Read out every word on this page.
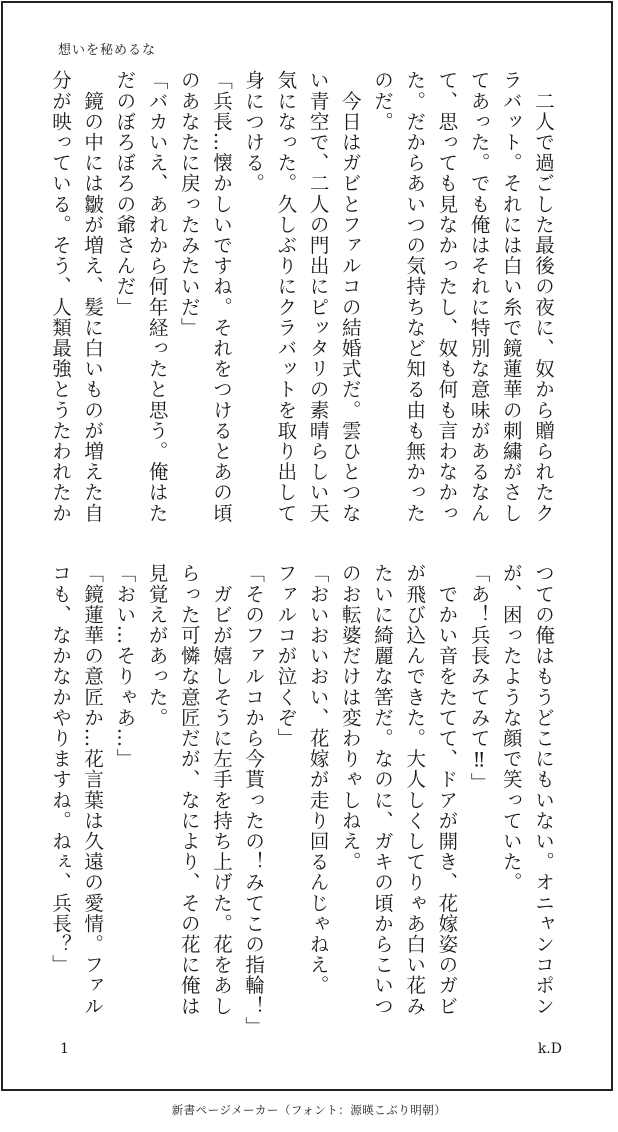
想いを秘めるな
　二人で過ごした最後の夜に、奴から贈られたク
ラバット。それには白い糸で鏡蓮華の刺繍がさし
てあった。でも俺はそれに特別な意味があるなん
て、思っても見なかったし、奴も何も言わなかっ
た。だからあいつの気持ちなど知る由も無かった
のだ。
　今日はガビとファルコの結婚式だ。雲ひとつな
い青空で、二人の門出にピッタリの素晴らしい天
気になった。久しぶりにクラバットを取り出して
身につける。
「兵長…懐かしいですね。それをつけるとあの頃
のあなたに戻ったみたいだ」
「バカいえ、あれから何年経ったと思う。俺はた
だのぼろぼろの爺さんだ」
　鏡の中には皺が増え、髪に白いものが増えた自
分が映っている。そう、人類最強とうたわれたか
つての俺はもうどこにもいない。オニャンコポン
が、困ったような顔で笑っていた。
「あ！兵長みてみて‼」
　でかい音をたてて、ドアが開き、花嫁姿のガビ
が飛び込んできた。大人しくしてりゃあ白い花み
たいに綺麗な筈だ。なのに、ガキの頃からこいつ
のお転婆だけは変わりゃしねえ。
「おいおいおい、花嫁が走り回るんじゃねえ。
ファルコが泣くぞ」
「そのファルコから今貰ったの！みてこの指輪！」
　ガビが嬉しそうに左手を持ち上げた。花をあし
らった可憐な意匠だが、なにより、その花に俺は
見覚えがあった。
「おい…そりゃあ…」
「鏡蓮華の意匠か…花言葉は久遠の愛情。ファル
コも、なかなかやりますね。ねぇ、兵長？」
1	k.D
新書ページメーカー（フォント：源暎こぶり明朝）
